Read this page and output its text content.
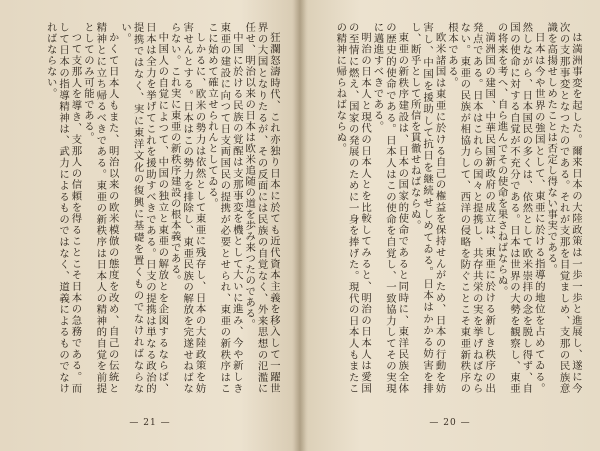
狂瀾怒濤時代、これ亦独り日本に於ても近代資本主義を移入して一躍世界の大国となりたるが、その反面には民族の自覚なく、外来思想の氾濫に任せ、明治以来の日本は欧米追随の道を歩み来つたのである。

中国に於ける民族の覚醒は支那事変を機として大いに進み、今や新しき東亜の建設に向つて日支両国民の提携が必要とせられ、東亜の新秩序はここに始めて確立せられんとしてゐる。

しかるに、欧米の勢力は依然として東亜に残存し、日本の大陸政策を妨害せんとする。日本はこの勢力を排除し、東亜民族の解放を完遂せねばならない。これ実に東亜の新秩序建設の根本義である。

中国人の自覚によつて、中国の独立と東亜の解放とを企図するならば、日本は全力を挙げてこれを援助すべきである。日支の提携は単なる政治的提携ではなく、実に東洋文化の復興に基礎を置くものでなければならない。

かくて日本人もまた、明治以来の欧米模倣の態度を改め、自己の伝統と精神とに立ち帰るべきである。東亜の新秩序は日本人の精神的自覚を前提としてのみ可能である。

つて支那人を導き、支那人の信頼を得ることこそ日本の急務である。而して日本の指導精神は、武力によるものではなく、道義によるものでなければならない。

— 21 —

は満洲事変を起した。爾来日本の大陸政策は一歩一歩と進展し、遂に今次の支那事変となつたのである。それが支那を目覚ましめ、支那の民族意識を高揚せしめたことは否定し得ない事実である。

日本は今や世界の強国として、東亜に於ける指導的地位を占めてゐる。然しながら、日本国民の多くは、依然として欧米崇拝の念を脱し得ず、自国の使命に対する自覚が不充分である。日本は世界の大勢を観察し、東亜の将来を考へ、自ら進んでその使命を果さねばならぬ。

満洲国の建国、中華民国新政府の成立は、東亜に於ける新しき秩序の出発点である。日本はこれらの国々と提携し、共存共栄の実を挙げねばならない。東亜の民族が相協力して、西洋の侵略を防ぐことこそ東亜新秩序の根本である。

欧米諸国は東亜に於ける自己の権益を保持せんがため、日本の行動を妨害し、中国を援助して抗日を継続せしめてゐる。日本はかかる妨害を排し、断乎として所信を貫徹せねばならぬ。

東亜の新秩序建設は、日本の国家的使命であると同時に、東洋民族全体の歴史的使命である。日本人はこの使命を自覚し、一致協力してその実現に邁進すべきである。

明治の日本人と現代の日本人とを比較してみると、明治の日本人は愛国の至情に燃え、国家の発展のために一身を捧げた。現代の日本人もまたこの精神に帰らねばならぬ。

— 20 —
